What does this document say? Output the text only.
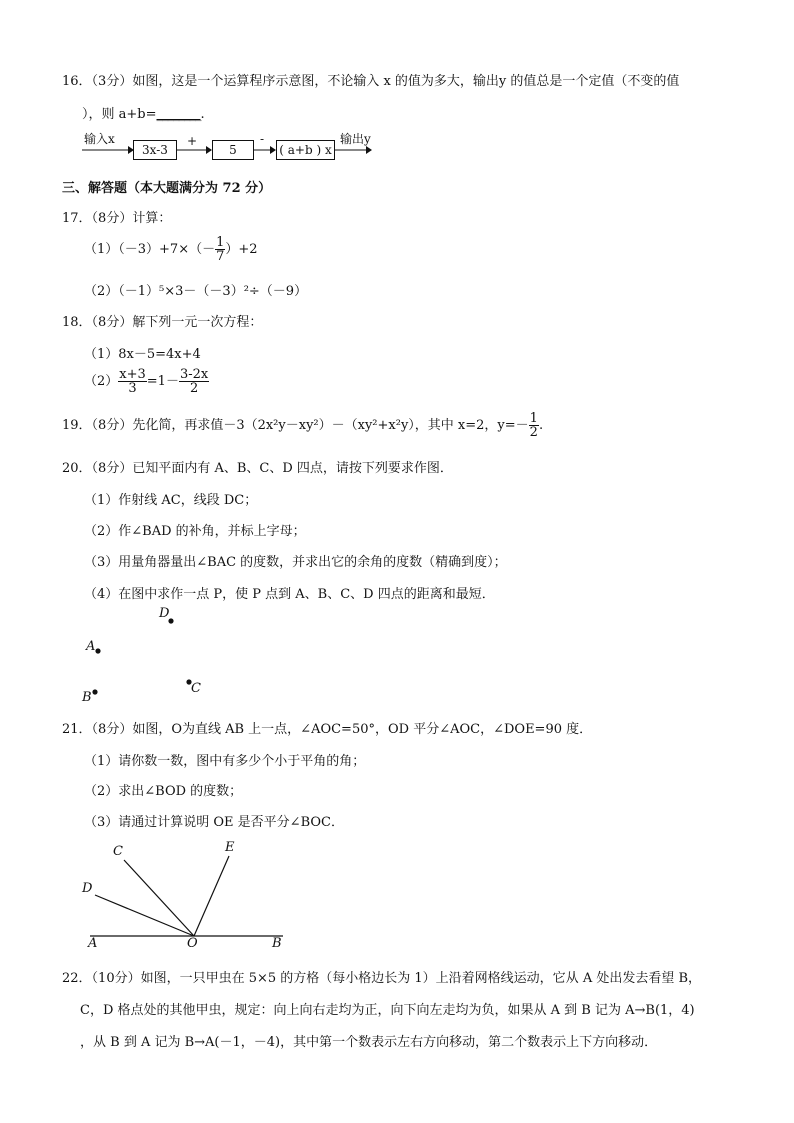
16．（3分）如图，这是一个运算程序示意图，不论输入 x 的值为多大，输出y 的值总是一个定值（不变的值
），则 a+b=________.
输入x
3x-3
+
5
-
( a+b ) x
输出y
三、解答题（本大题满分为 72 分）
17．（8分）计算：
$(1)(-3)+7\times(- \frac{1}{7} )+2$
（2）（－1）⁵×3－（－3）²÷（－9）
18．（8分）解下列一元一次方程：
（1）8x－5=4x+4
$(2) \frac{x+3}{3} =1- \frac{3-2x}{2}$
19．（8分）先化简，再求值－3（2x²y－xy²）－（xy²+x²y），其中 x=2，$y=- \frac{1}{2}$ .
20．（8分）已知平面内有 A、B、C、D 四点，请按下列要求作图．
（1）作射线 AC，线段 DC；
（2）作∠BAD 的补角，并标上字母；
（3）用量角器量出∠BAC 的度数，并求出它的余角的度数（精确到度）；
（4）在图中求作一点 P，使 P 点到 A、B、C、D 四点的距离和最短．
D
A
B
C
21．（8分）如图，O为直线 AB 上一点，∠AOC=50°，OD 平分∠AOC，∠DOE=90 度．
（1）请你数一数，图中有多少个小于平角的角；
（2）求出∠BOD 的度数；
（3）请通过计算说明 OE 是否平分∠BOC．
C	E
D
A	O	B
22．（10分）如图，一只甲虫在 5×5 的方格（每小格边长为 1）上沿着网格线运动，它从 A 处出发去看望 B，
C，D 格点处的其他甲虫，规定：向上向右走均为正，向下向左走均为负，如果从 A 到 B 记为 A→B(1，4)
，从 B 到 A 记为 B→A(－1，－4)，其中第一个数表示左右方向移动，第二个数表示上下方向移动．
